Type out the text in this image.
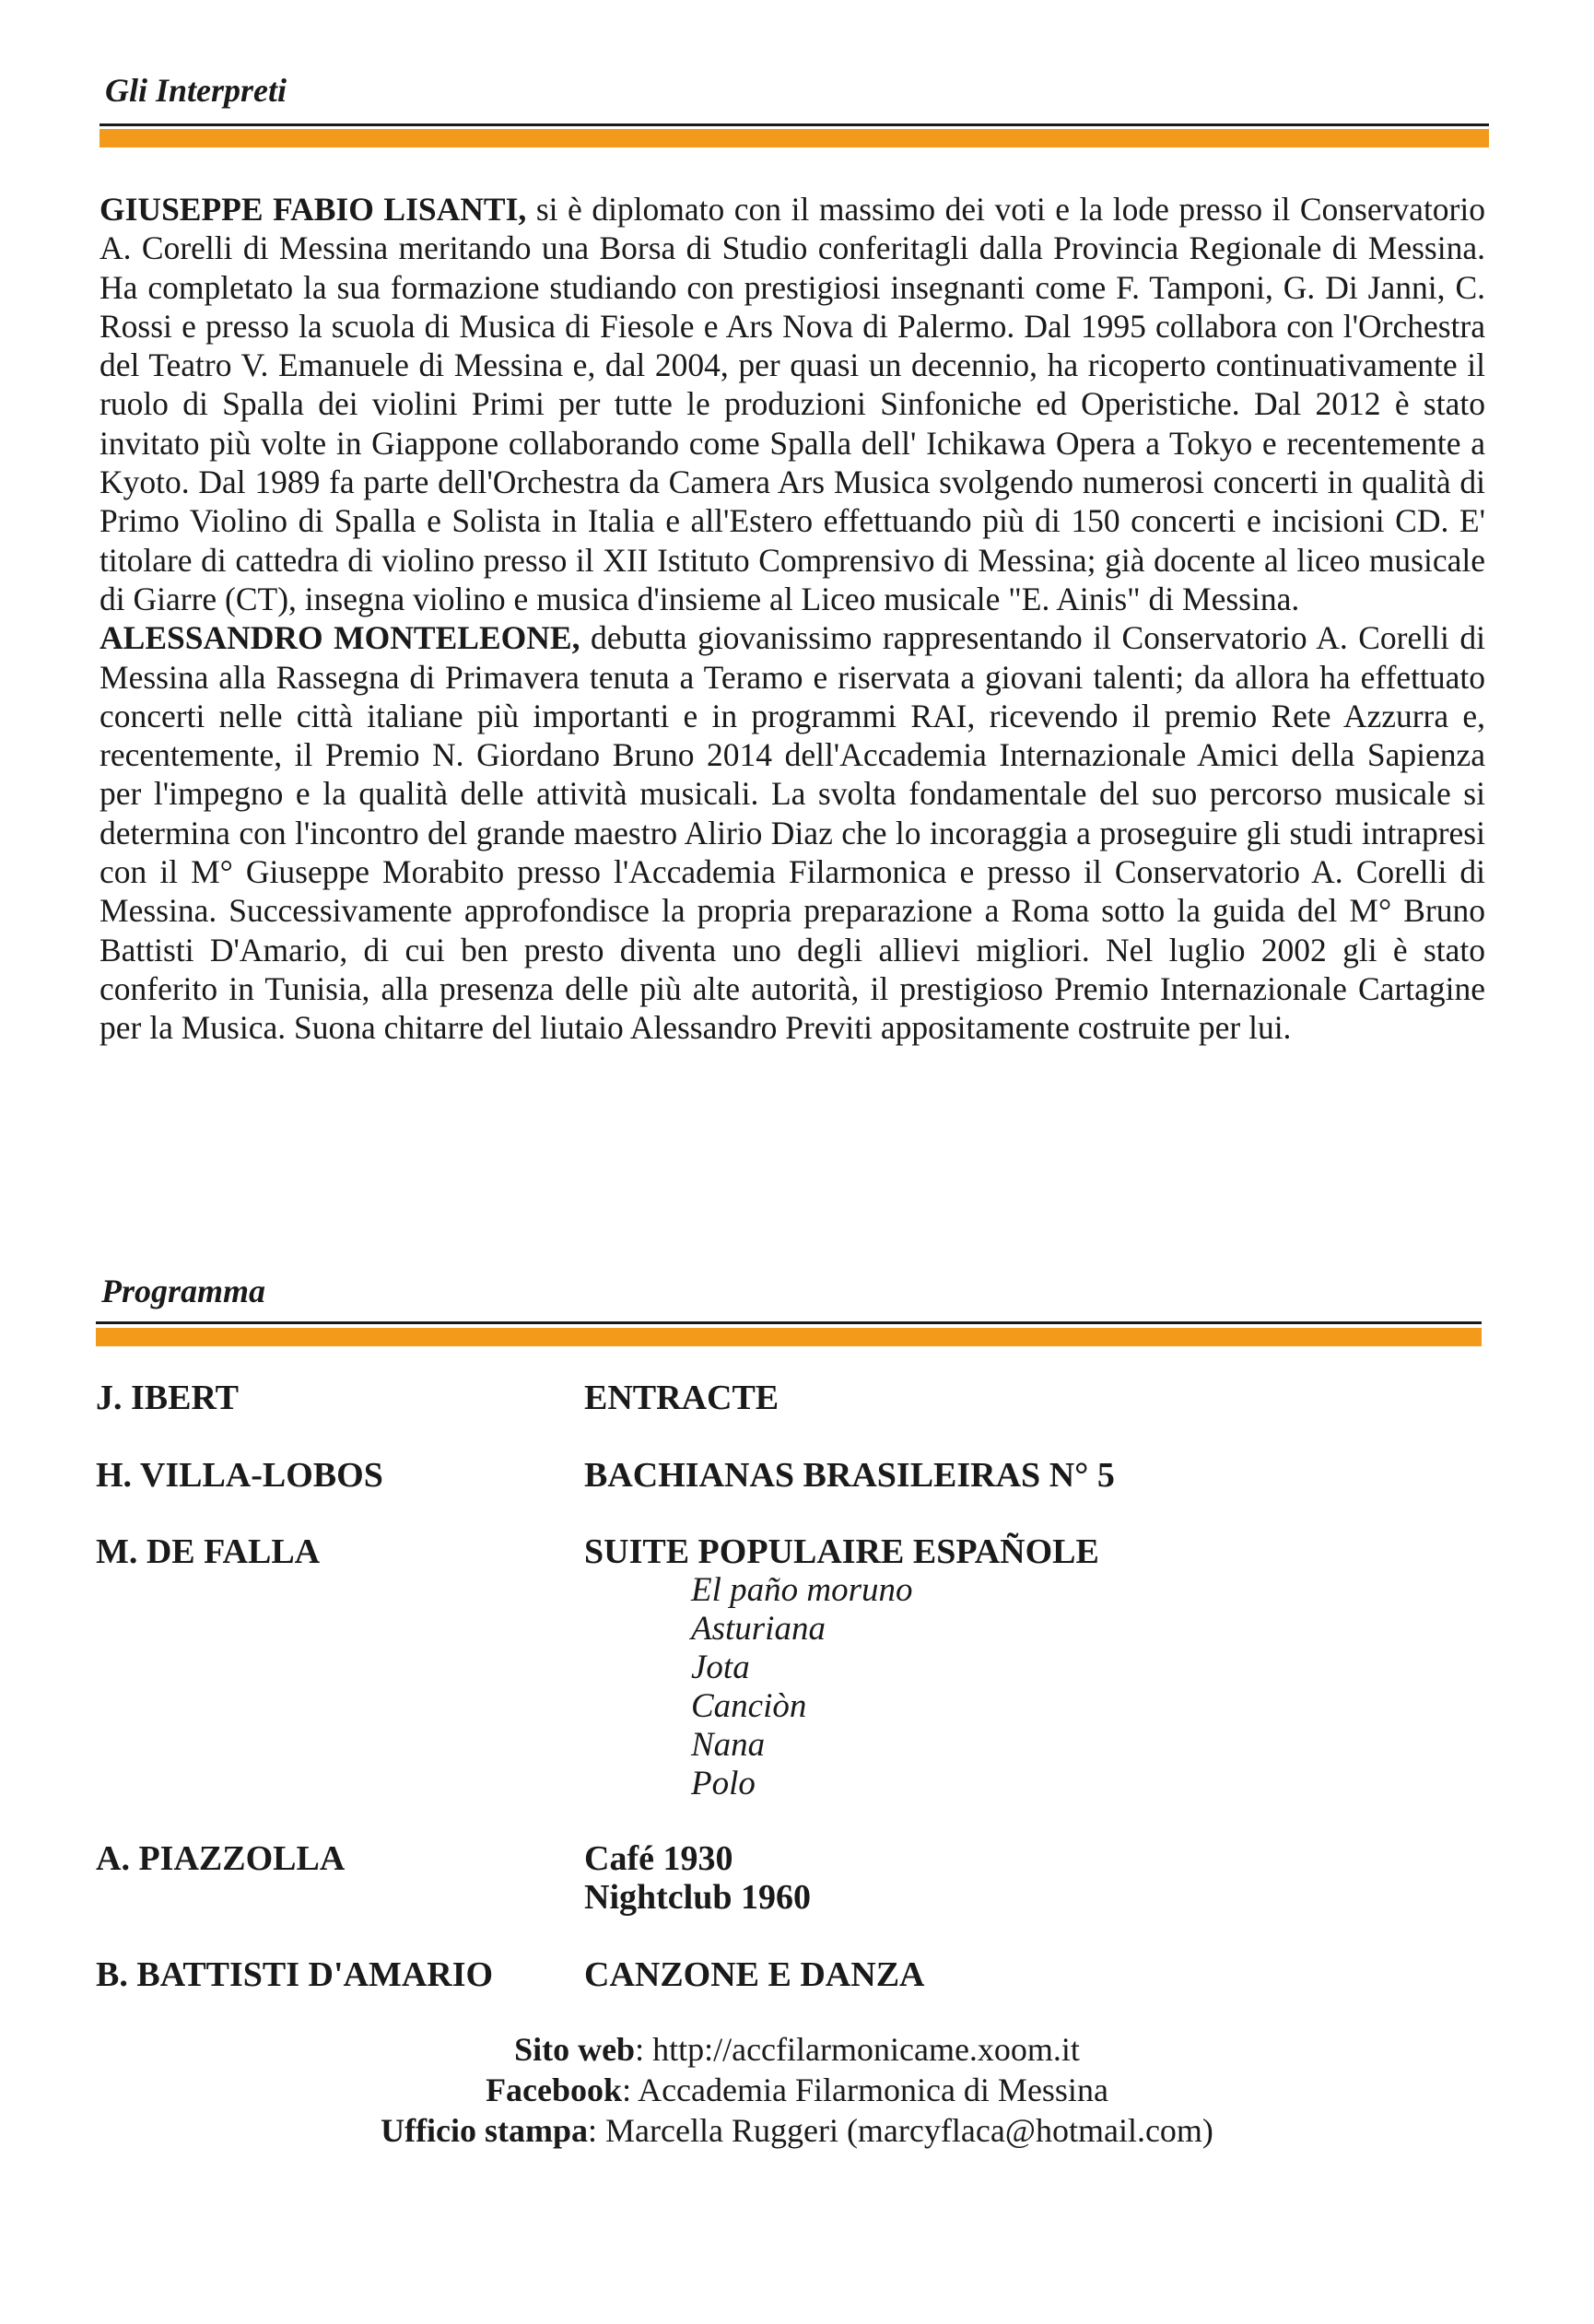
Gli Interpreti

GIUSEPPE FABIO LISANTI, si è diplomato con il massimo dei voti e la lode presso il Conservatorio A. Corelli di Messina meritando una Borsa di Studio conferitagli dalla Provincia Regionale di Messina. Ha completato la sua formazione studiando con prestigiosi insegnanti come F. Tamponi, G. Di Janni, C. Rossi e presso la scuola di Musica di Fiesole e Ars Nova di Palermo. Dal 1995 collabora con l'Orchestra del Teatro V. Emanuele di Messina e, dal 2004, per quasi un decennio, ha ricoperto continuativamente il ruolo di Spalla dei violini Primi per tutte le produzioni Sinfoniche ed Operistiche. Dal 2012 è stato invitato più volte in Giappone collaborando come Spalla dell' Ichikawa Opera a Tokyo e recentemente a Kyoto. Dal 1989 fa parte dell'Orchestra da Camera Ars Musica svolgendo numerosi concerti in qualità di Primo Violino di Spalla e Solista in Italia e all'Estero effettuando più di 150 concerti e incisioni CD. E' titolare di cattedra di violino presso il XII Istituto Comprensivo di Messina; già docente al liceo musicale di Giarre (CT), insegna violino e musica d'insieme al Liceo musicale "E. Ainis" di Messina.

ALESSANDRO MONTELEONE, debutta giovanissimo rappresentando il Conservatorio A. Corelli di Messina alla Rassegna di Primavera tenuta a Teramo e riservata a giovani talenti; da allora ha effettuato concerti nelle città italiane più importanti e in programmi RAI, ricevendo il premio Rete Azzurra e, recentemente, il Premio N. Giordano Bruno 2014 dell'Accademia Internazionale Amici della Sapienza per l'impegno e la qualità delle attività musicali. La svolta fondamentale del suo percorso musicale si determina con l'incontro del grande maestro Alirio Diaz che lo incoraggia a proseguire gli studi intrapresi con il M° Giuseppe Morabito presso l'Accademia Filarmonica e presso il Conservatorio A. Corelli di Messina. Successivamente approfondisce la propria preparazione a Roma sotto la guida del M° Bruno Battisti D'Amario, di cui ben presto diventa uno degli allievi migliori. Nel luglio 2002 gli è stato conferito in Tunisia, alla presenza delle più alte autorità, il prestigioso Premio Internazionale Cartagine per la Musica. Suona chitarre del liutaio Alessandro Previti appositamente costruite per lui.

Programma
J. IBERT	ENTRACTE
H. VILLA-LOBOS	BACHIANAS BRASILEIRAS N° 5
M. DE FALLA	SUITE POPULAIRE ESPAÑOLE
El paño moruno
Asturiana
Jota
Canciòn
Nana
Polo
A. PIAZZOLLA	Café 1930
Nightclub 1960
B. BATTISTI D'AMARIO	CANZONE E DANZA
Sito web: http://accfilarmonicame.xoom.it
Facebook: Accademia Filarmonica di Messina
Ufficio stampa: Marcella Ruggeri (marcyflaca@hotmail.com)
